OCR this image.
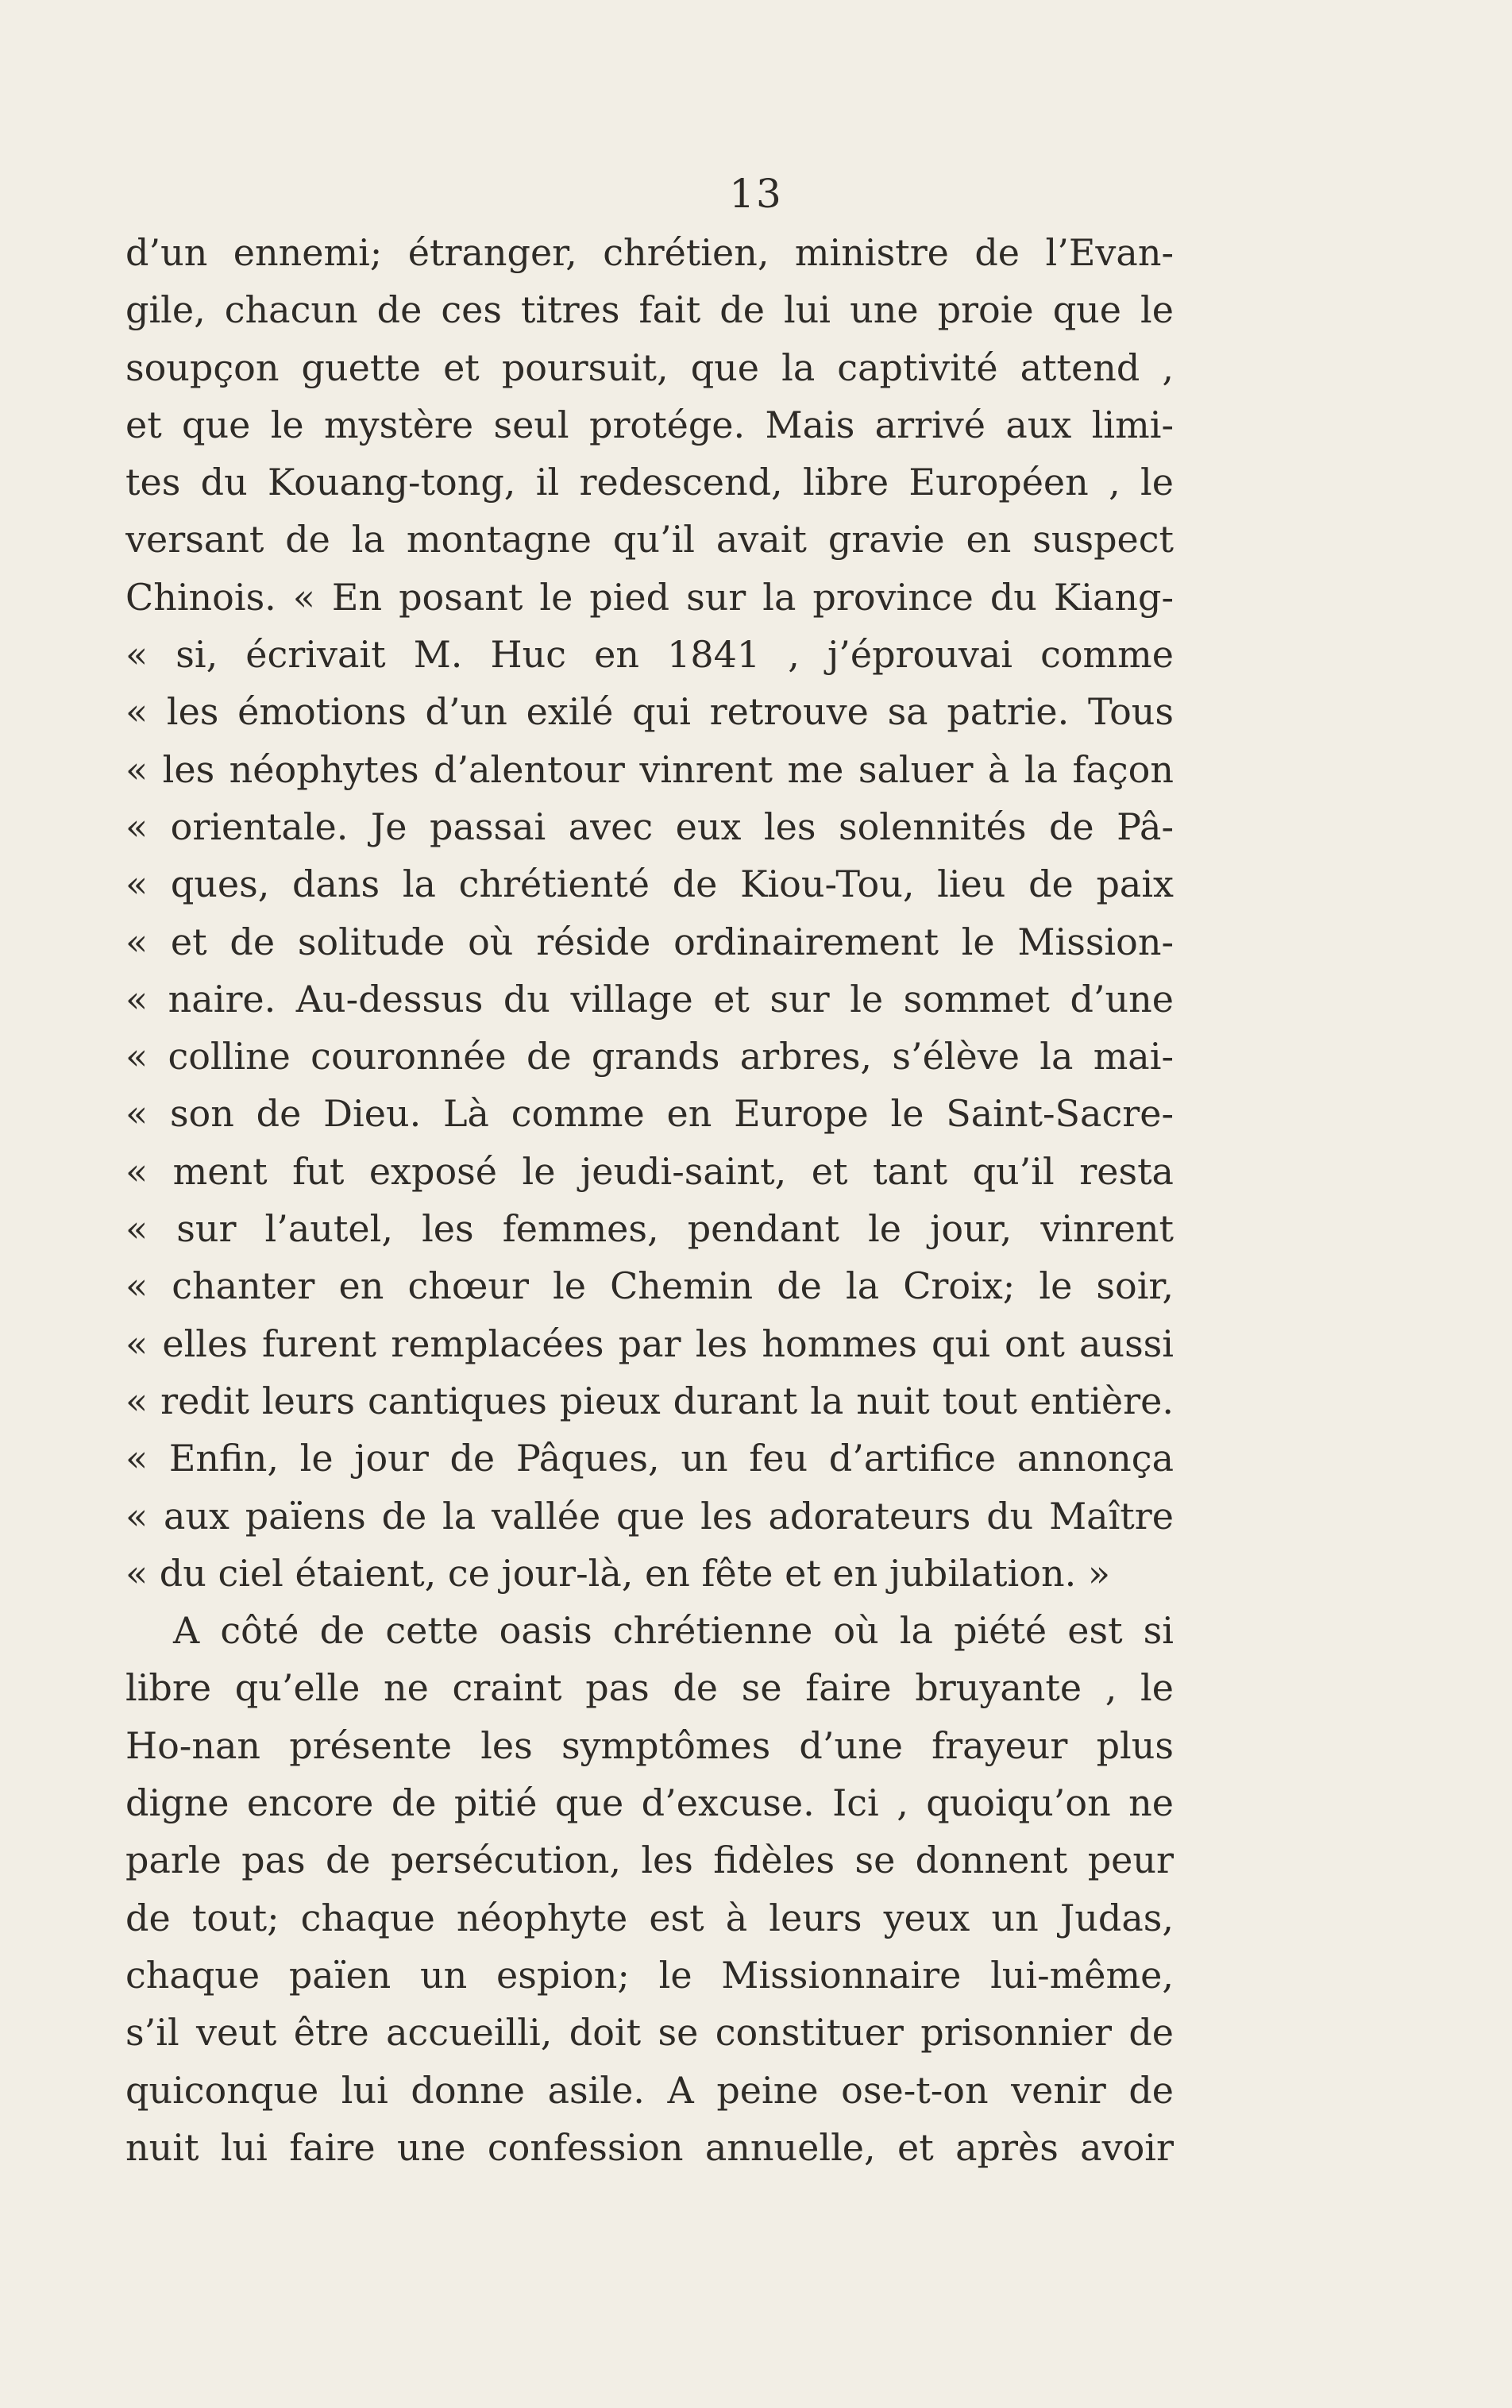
13
d’un ennemi; étranger, chrétien, ministre de l’Evan-
gile, chacun de ces titres fait de lui une proie que le
soupçon guette et poursuit, que la captivité attend ,
et que le mystère seul protége. Mais arrivé aux limi-
tes du Kouang-tong, il redescend, libre Européen , le
versant de la montagne qu’il avait gravie en suspect
Chinois. « En posant le pied sur la province du Kiang-
« si, écrivait M. Huc en 1841 , j’éprouvai comme
« les émotions d’un exilé qui retrouve sa patrie. Tous
« les néophytes d’alentour vinrent me saluer à la façon
« orientale. Je passai avec eux les solennités de Pâ-
« ques, dans la chrétienté de Kiou-Tou, lieu de paix
« et de solitude où réside ordinairement le Mission-
« naire. Au-dessus du village et sur le sommet d’une
« colline couronnée de grands arbres, s’élève la mai-
« son de Dieu. Là comme en Europe le Saint-Sacre-
« ment fut exposé le jeudi-saint, et tant qu’il resta
« sur l’autel, les femmes, pendant le jour, vinrent
« chanter en chœur le Chemin de la Croix; le soir,
« elles furent remplacées par les hommes qui ont aussi
« redit leurs cantiques pieux durant la nuit tout entière.
« Enfin, le jour de Pâques, un feu d’artifice annonça
« aux païens de la vallée que les adorateurs du Maître
« du ciel étaient, ce jour-là, en fête et en jubilation. »
A côté de cette oasis chrétienne où la piété est si
libre qu’elle ne craint pas de se faire bruyante , le
Ho-nan présente les symptômes d’une frayeur plus
digne encore de pitié que d’excuse. Ici , quoiqu’on ne
parle pas de persécution, les fidèles se donnent peur
de tout; chaque néophyte est à leurs yeux un Judas,
chaque païen un espion; le Missionnaire lui-même,
s’il veut être accueilli, doit se constituer prisonnier de
quiconque lui donne asile. A peine ose-t-on venir de
nuit lui faire une confession annuelle, et après avoir
